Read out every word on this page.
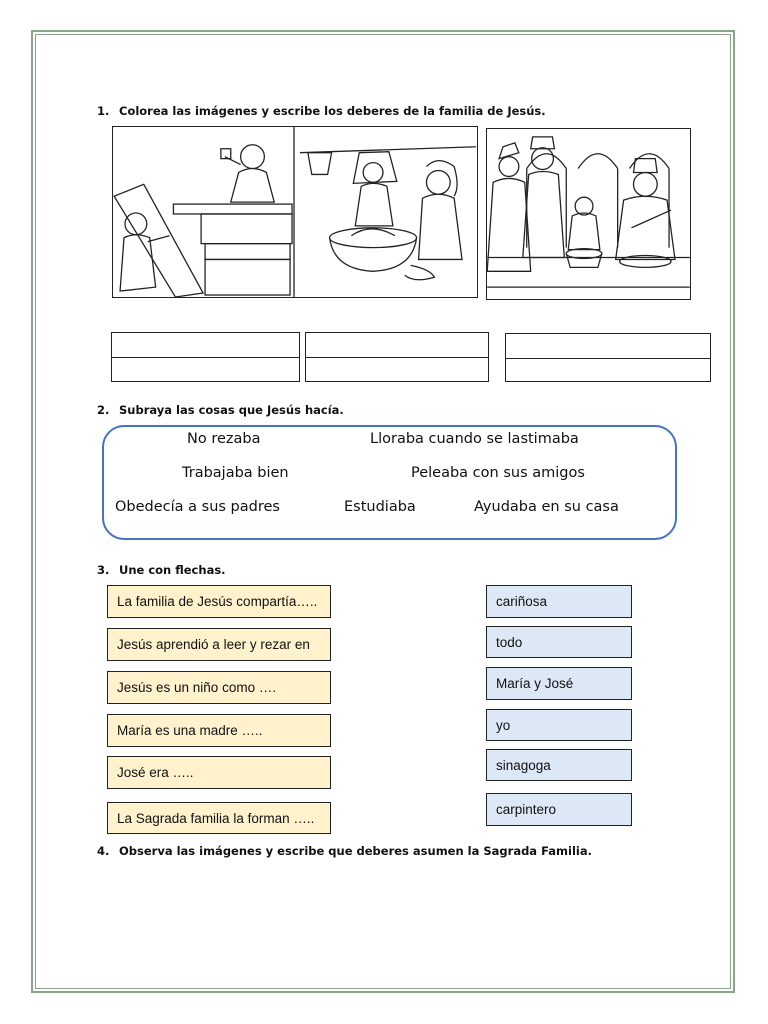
1. Colorea las imágenes y escribe los deberes de la familia de Jesús.
2. Subraya las cosas que Jesús hacía.
No rezaba	Lloraba cuando se lastimaba
Trabajaba bien	Peleaba con sus amigos
Obedecía a sus padres	Estudiaba	Ayudaba en su casa
3. Une con flechas.
La familia de Jesús compartía…..
Jesús aprendió a leer y rezar en
Jesús es un niño como ….
María es una madre …..
José era …..
La Sagrada familia la forman …..
cariñosa
todo
María y José
yo
sinagoga
carpintero
4. Observa las imágenes y escribe que deberes asumen la Sagrada Familia.
